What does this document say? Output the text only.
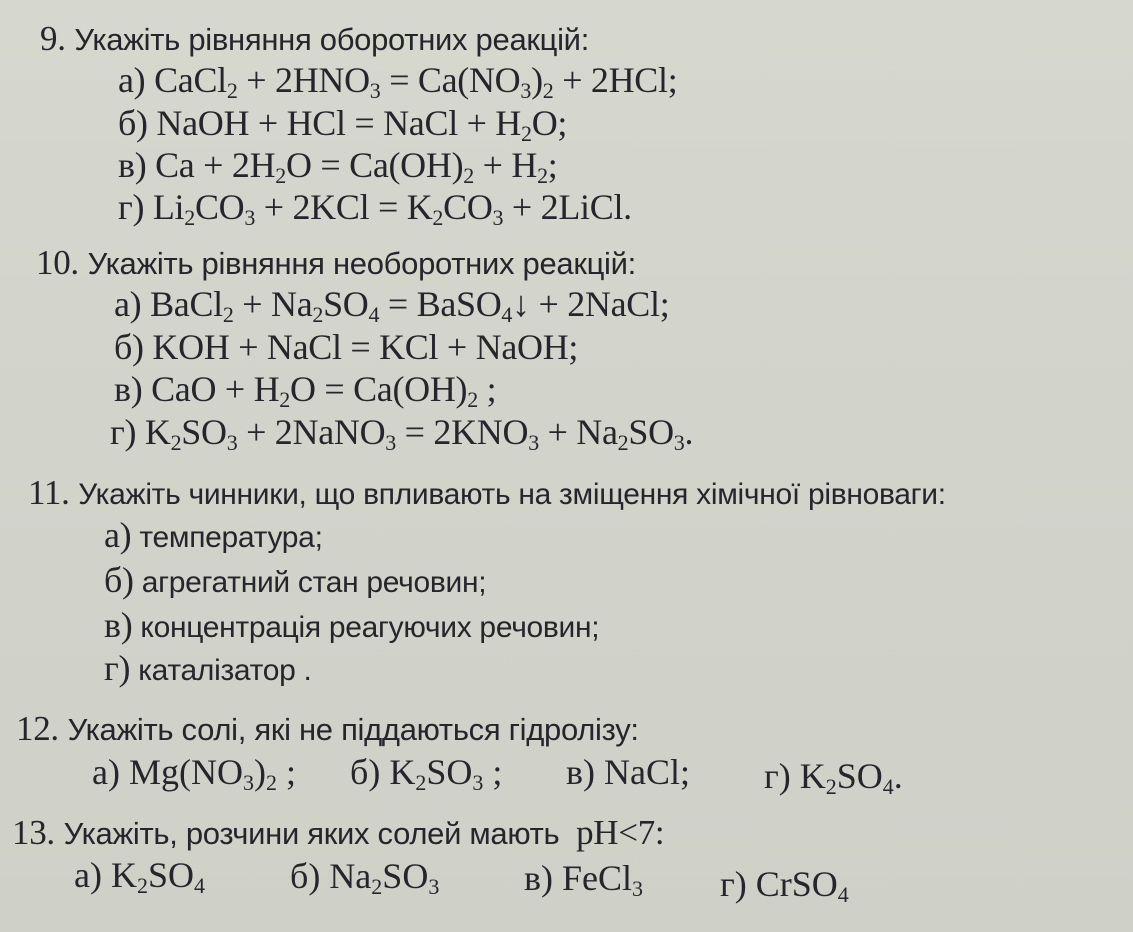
9. Укажіть рівняння оборотних реакцій:
а) CaCl$_2$ + $2HNO_3 = Ca(NO_3)_2 + 2HCl$;
б) NaOH + HCl = NaCl + $H_2O$;
в) $Ca + 2H_2O = Ca(OH)_2 + H_2$;
г) $Li_2CO_3 + 2KCl = K_2CO_3$ + 2LiCl.
10. Укажіть рівняння необоротних реакцій:
а) BaCl$_2$ + $Na_2SO_4$ = BaSO$_4$↓ + 2NaCl;
б) KOH + NaCl = KCl + NaOH;
в) CaO + $H_2O = Ca(OH)_2$ ;
г) $K_2SO_3$ + 2NaNO$_3$ = $2KNO_3 + Na_2SO_3$.
11. Укажіть чинники, що впливають на зміщення хімічної рівноваги:
а) температура;
б) агрегатний стан речовин;
в) концентрація реагуючих речовин;
г) каталізатор .
12. Укажіть солі, які не піддаються гідролізу:
а) $Mg(NO_3)_2$ ; б) $K_2SO_3$ ; в) NaCl; г) $K_2SO_4$.
13. Укажіть, розчини яких солей мають pH<7:
а) $K_2SO_4$ б) $Na_2SO_3$ в) FeCl$_3$ г) CrSO$_4$
